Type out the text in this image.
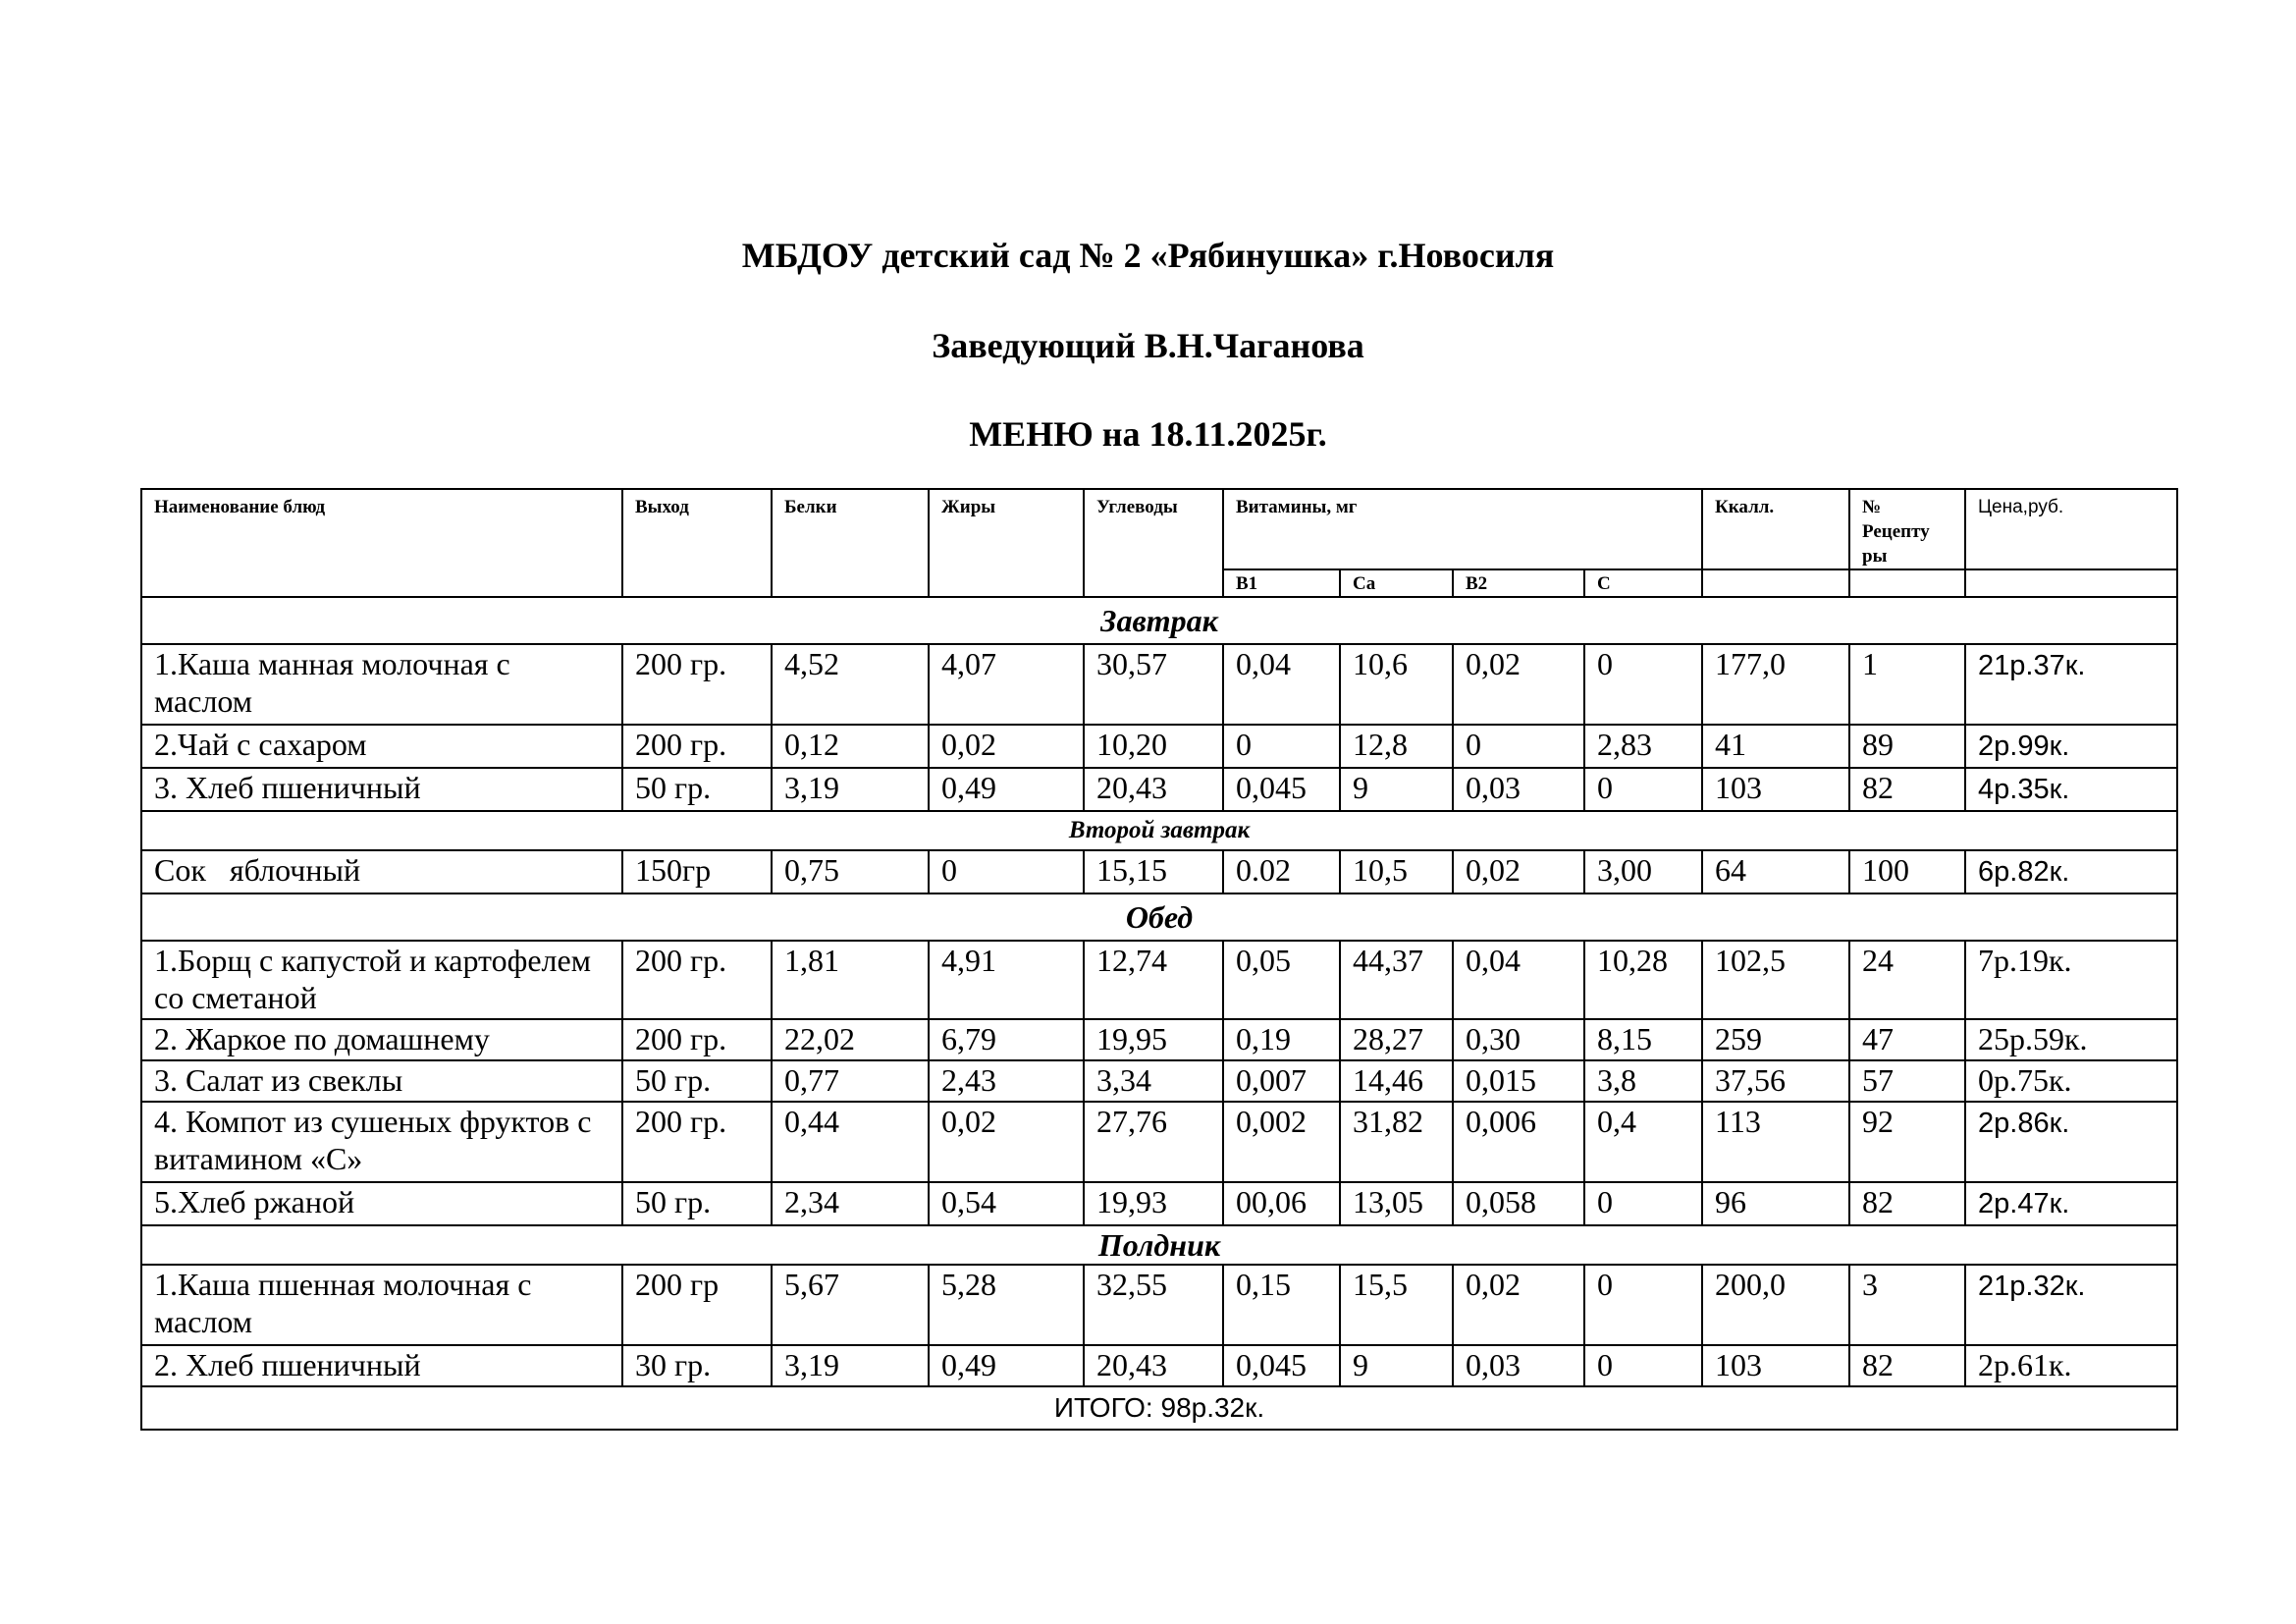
МБДОУ детский сад № 2 «Рябинушка» г.Новосиля
Заведующий В.Н.Чаганова
МЕНЮ на 18.11.2025г.
Наименование блюд	Выход	Белки	Жиры	Углеводы	Витамины, мг				Ккалл.	№ Рецепту ры	Цена,руб.
					В1	Са	В2	С			
Завтрак											
1.Каша манная молочная с маслом	200 гр.	4,52	4,07	30,57	0,04	10,6	0,02	0	177,0	1	21р.37к.
2.Чай с сахаром	200 гр.	0,12	0,02	10,20	0	12,8	0	2,83	41	89	2р.99к.
3. Хлеб пшеничный	50 гр.	3,19	0,49	20,43	0,045	9	0,03	0	103	82	4р.35к.
Второй завтрак											
Сок   яблочный	150гр	0,75	0	15,15	0.02	10,5	0,02	3,00	64	100	6р.82к.
Обед											
1.Борщ с капустой и картофелем со сметаной	200 гр.	1,81	4,91	12,74	0,05	44,37	0,04	10,28	102,5	24	7р.19к.
2. Жаркое по домашнему	200 гр.	22,02	6,79	19,95	0,19	28,27	0,30	8,15	259	47	25р.59к.
3. Салат из свеклы	50 гр.	0,77	2,43	3,34	0,007	14,46	0,015	3,8	37,56	57	0р.75к.
4. Компот из сушеных фруктов с витамином «С»	200 гр.	0,44	0,02	27,76	0,002	31,82	0,006	0,4	113	92	2р.86к.
5.Хлеб ржаной	50 гр.	2,34	0,54	19,93	00,06	13,05	0,058	0	96	82	2р.47к.
Полдник											
1.Каша пшенная молочная с маслом	200 гр	5,67	5,28	32,55	0,15	15,5	0,02	0	200,0	3	21р.32к.
2. Хлеб пшеничный	30 гр.	3,19	0,49	20,43	0,045	9	0,03	0	103	82	2р.61к.
ИТОГО: 98р.32к.											
